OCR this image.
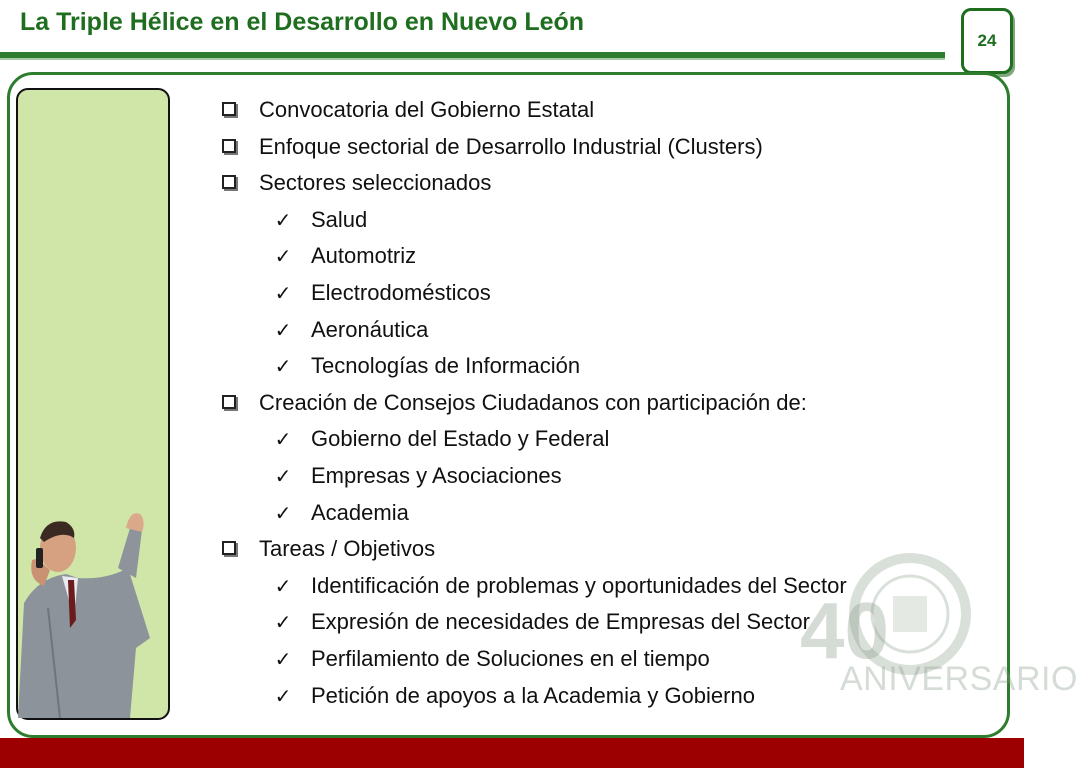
La Triple Hélice en el Desarrollo en Nuevo León
24
40
ANIVERSARIO
Convocatoria del Gobierno Estatal
Enfoque sectorial de Desarrollo Industrial (Clusters)
Sectores seleccionados
✓ Salud
✓ Automotriz
✓ Electrodomésticos
✓ Aeronáutica
✓ Tecnologías de Información
Creación de Consejos Ciudadanos con participación de:
✓ Gobierno del Estado y Federal
✓ Empresas y Asociaciones
✓ Academia
Tareas / Objetivos
✓ Identificación de problemas y oportunidades del Sector
✓ Expresión de necesidades de Empresas del Sector
✓ Perfilamiento de Soluciones en el tiempo
✓ Petición de apoyos a la Academia y Gobierno
